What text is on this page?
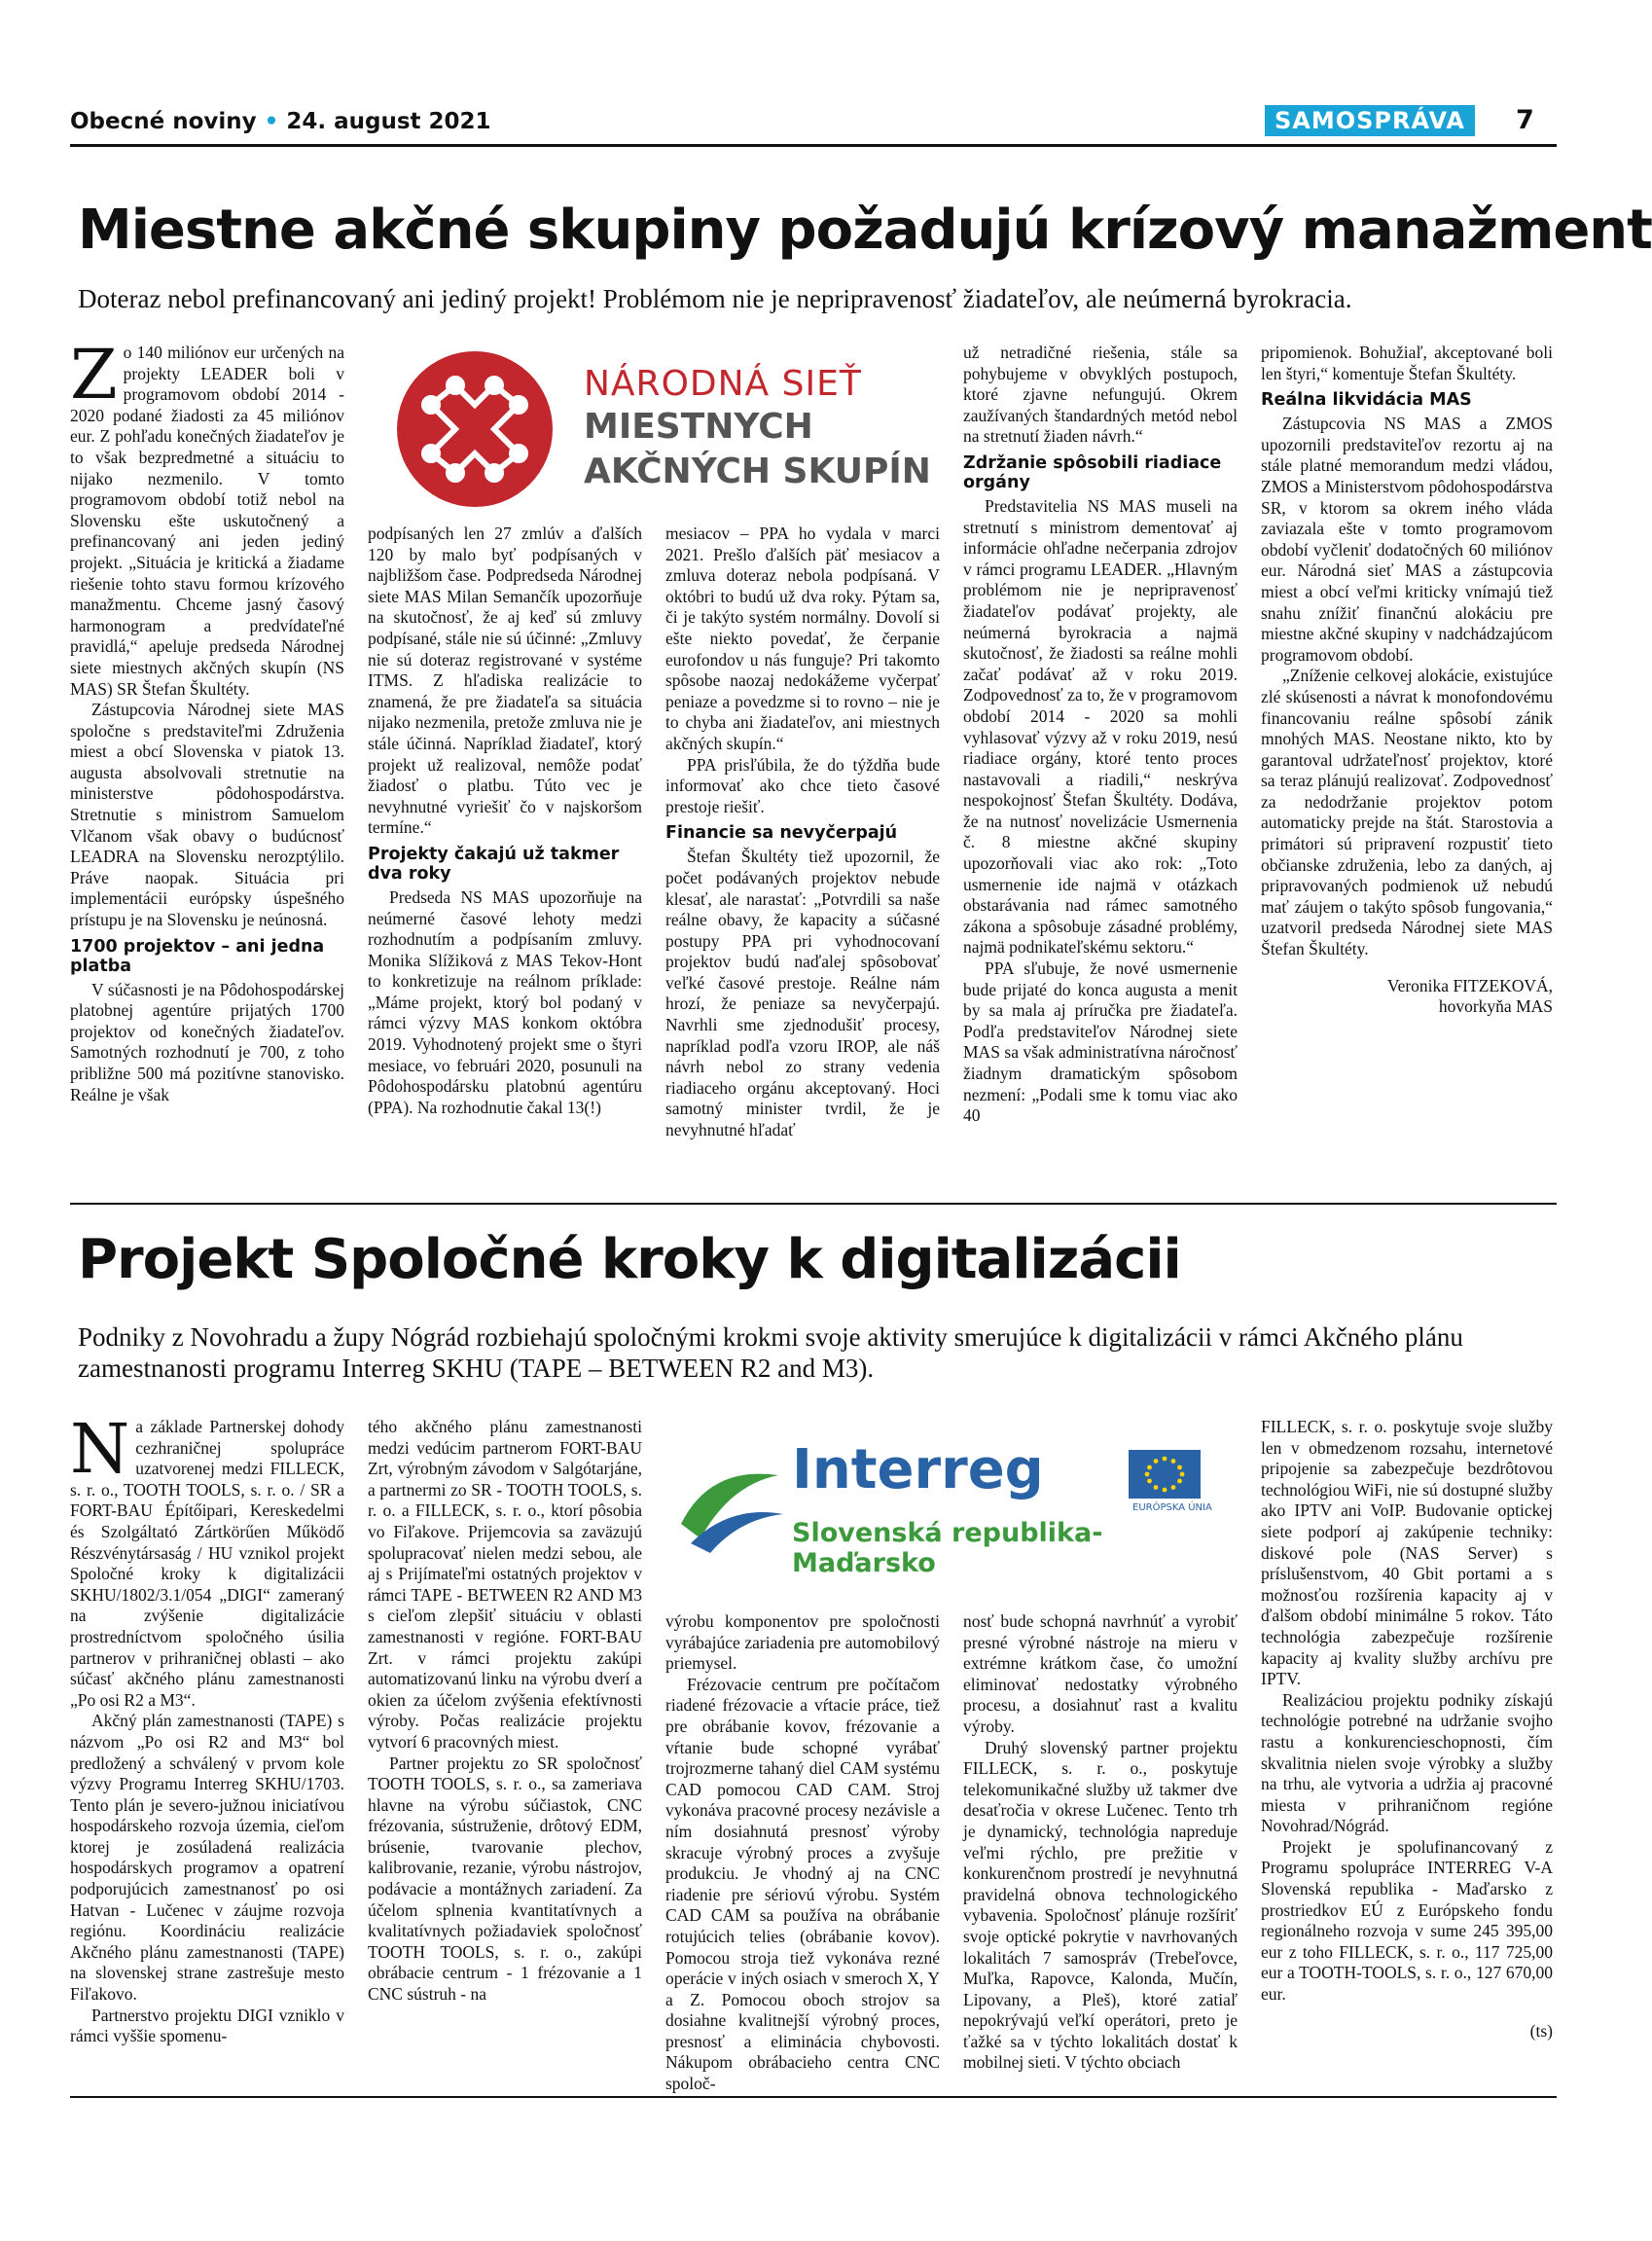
Obecné noviny • 24. august 2021	SAMOSPRÁVA	7
Miestne akčné skupiny požadujú krízový manažment
Doteraz nebol prefinancovaný ani jediný projekt! Problémom nie je nepripravenosť žiadateľov, ale neúmerná byrokracia.
NÁRODNÁ SIEŤ
MIESTNYCH
AKČNÝCH SKUPÍN
Z o 140 miliónov eur určených na projekty LEADER boli v programovom období 2014 - 2020 podané žiadosti za 45 miliónov eur. Z pohľadu konečných žiadateľov je to však bezpredmetné a situáciu to nijako nezmenilo. V tomto programovom období totiž nebol na Slovensku ešte uskutočnený a prefinancovaný ani jeden jediný projekt. „Situácia je kritická a žiadame riešenie tohto stavu formou krízového manažmentu. Chceme jasný časový harmonogram a predvídateľné pravidlá,“ apeluje predseda Národnej siete miestnych akčných skupín (NS MAS) SR Štefan Škultéty.

Zástupcovia Národnej siete MAS spoločne s predstaviteľmi Združenia miest a obcí Slovenska v piatok 13. augusta absolvovali stretnutie na ministerstve pôdohospodárstva. Stretnutie s ministrom Samuelom Vlčanom však obavy o budúcnosť LEADRA na Slovensku nerozptýlilo. Práve naopak. Situácia pri implementácii európsky úspešného prístupu je na Slovensku je neúnosná.

1700 projektov – ani jedna platba

V súčasnosti je na Pôdohospodárskej platobnej agentúre prijatých 1700 projektov od konečných žiadateľov. Samotných rozhodnutí je 700, z toho približne 500 má pozitívne stanovisko. Reálne je však

podpísaných len 27 zmlúv a ďalších 120 by malo byť podpísaných v najbližšom čase. Podpredseda Národnej siete MAS Milan Semančík upozorňuje na skutočnosť, že aj keď sú zmluvy podpísané, stále nie sú účinné: „Zmluvy nie sú doteraz registrované v systéme ITMS. Z hľadiska realizácie to znamená, že pre žiadateľa sa situácia nijako nezmenila, pretože zmluva nie je stále účinná. Napríklad žiadateľ, ktorý projekt už realizoval, nemôže podať žiadosť o platbu. Túto vec je nevyhnutné vyriešiť čo v najskoršom termíne.“

Projekty čakajú už takmer dva roky

Predseda NS MAS upozorňuje na neúmerné časové lehoty medzi rozhodnutím a podpísaním zmluvy. Monika Slížiková z MAS Tekov-Hont to konkretizuje na reálnom príklade: „Máme projekt, ktorý bol podaný v rámci výzvy MAS konkom októbra 2019. Vyhodnotený projekt sme o štyri mesiace, vo februári 2020, posunuli na Pôdohospodársku platobnú agentúru (PPA). Na rozhodnutie čakal 13(!)

mesiacov – PPA ho vydala v marci 2021. Prešlo ďalších päť mesiacov a zmluva doteraz nebola podpísaná. V októbri to budú už dva roky. Pýtam sa, či je takýto systém normálny. Dovolí si ešte niekto povedať, že čerpanie eurofondov u nás funguje? Pri takomto spôsobe naozaj nedokážeme vyčerpať peniaze a povedzme si to rovno – nie je to chyba ani žiadateľov, ani miestnych akčných skupín.“

PPA prisľúbila, že do týždňa bude informovať ako chce tieto časové prestoje riešiť.

Financie sa nevyčerpajú

Štefan Škultéty tiež upozornil, že počet podávaných projektov nebude klesať, ale narastať: „Potvrdili sa naše reálne obavy, že kapacity a súčasné postupy PPA pri vyhodnocovaní projektov budú naďalej spôsobovať veľké časové prestoje. Reálne nám hrozí, že peniaze sa nevyčerpajú. Navrhli sme zjednodušiť procesy, napríklad podľa vzoru IROP, ale náš návrh nebol zo strany vedenia riadiaceho orgánu akceptovaný. Hoci samotný minister tvrdil, že je nevyhnutné hľadať

už netradičné riešenia, stále sa pohybujeme v obvyklých postupoch, ktoré zjavne nefungujú. Okrem zaužívaných štandardných metód nebol na stretnutí žiaden návrh.“

Zdržanie spôsobili riadiace orgány

Predstavitelia NS MAS museli na stretnutí s ministrom dementovať aj informácie ohľadne nečerpania zdrojov v rámci programu LEADER. „Hlavným problémom nie je nepripravenosť žiadateľov podávať projekty, ale neúmerná byrokracia a najmä skutočnosť, že žiadosti sa reálne mohli začať podávať až v roku 2019. Zodpovednosť za to, že v programovom období 2014 - 2020 sa mohli vyhlasovať výzvy až v roku 2019, nesú riadiace orgány, ktoré tento proces nastavovali a riadili,“ neskrýva nespokojnosť Štefan Škultéty. Dodáva, že na nutnosť novelizácie Usmernenia č. 8 miestne akčné skupiny upozorňovali viac ako rok: „Toto usmernenie ide najmä v otázkach obstarávania nad rámec samotného zákona a spôsobuje zásadné problémy, najmä podnikateľskému sektoru.“

PPA sľubuje, že nové usmernenie bude prijaté do konca augusta a menit by sa mala aj príručka pre žiadateľa. Podľa predstaviteľov Národnej siete MAS sa však administratívna náročnosť žiadnym dramatickým spôsobom nezmení: „Podali sme k tomu viac ako 40

pripomienok. Bohužiaľ, akceptované boli len štyri,“ komentuje Štefan Škultéty.

Reálna likvidácia MAS

Zástupcovia NS MAS a ZMOS upozornili predstaviteľov rezortu aj na stále platné memorandum medzi vládou, ZMOS a Ministerstvom pôdohospodárstva SR, v ktorom sa okrem iného vláda zaviazala ešte v tomto programovom období vyčleniť dodatočných 60 miliónov eur. Národná sieť MAS a zástupcovia miest a obcí veľmi kriticky vnímajú tiež snahu znížiť finančnú alokáciu pre miestne akčné skupiny v nadchádzajúcom programovom období.

„Zníženie celkovej alokácie, existujúce zlé skúsenosti a návrat k monofondovému financovaniu reálne spôsobí zánik mnohých MAS. Neostane nikto, kto by garantoval udržateľnosť projektov, ktoré sa teraz plánujú realizovať. Zodpovednosť za nedodržanie projektov potom automaticky prejde na štát. Starostovia a primátori sú pripravení rozpustiť tieto občianske združenia, lebo za daných, aj pripravovaných podmienok už nebudú mať záujem o takýto spôsob fungovania,“ uzatvoril predseda Národnej siete MAS Štefan Škultéty.

Veronika FITZEKOVÁ,
hovorkyňa MAS
Projekt Spoločné kroky k digitalizácii
Podniky z Novohradu a župy Nógrád rozbiehajú spoločnými krokmi svoje aktivity smerujúce k digitalizácii v rámci Akčného plánu zamestnanosti programu Interreg SKHU (TAPE – BETWEEN R2 and M3).
Interreg
EURÓPSKA ÚNIA
Slovenská republika-Maďarsko
N a základe Partnerskej dohody cezhraničnej spolupráce uzatvorenej medzi FILLECK, s. r. o., TOOTH TOOLS, s. r. o. / SR a FORT-BAU Építőipari, Kereskedelmi és Szolgáltató Zártkörűen Működő Részvénytársaság / HU vznikol projekt Spoločné kroky k digitalizácii SKHU/1802/3.1/054 „DIGI“ zameraný na zvýšenie digitalizácie prostredníctvom spoločného úsilia partnerov v prihraničnej oblasti – ako súčasť akčného plánu zamestnanosti „Po osi R2 a M3“.

Akčný plán zamestnanosti (TAPE) s názvom „Po osi R2 and M3“ bol predložený a schválený v prvom kole výzvy Programu Interreg SKHU/1703. Tento plán je severo-južnou iniciatívou hospodárskeho rozvoja územia, cieľom ktorej je zosúladená realizácia hospodárskych programov a opatrení podporujúcich zamestnanosť po osi Hatvan - Lučenec v záujme rozvoja regiónu. Koordináciu realizácie Akčného plánu zamestnanosti (TAPE) na slovenskej strane zastrešuje mesto Fiľakovo.

Partnerstvo projektu DIGI vzniklo v rámci vyššie spomenu-

tého akčného plánu zamestnanosti medzi vedúcim partnerom FORT-BAU Zrt, výrobným závodom v Salgótarjáne, a partnermi zo SR - TOOTH TOOLS, s. r. o. a FILLECK, s. r. o., ktorí pôsobia vo Fiľakove. Prijemcovia sa zaväzujú spolupracovať nielen medzi sebou, ale aj s Prijímateľmi ostatných projektov v rámci TAPE - BETWEEN R2 AND M3 s cieľom zlepšiť situáciu v oblasti zamestnanosti v regióne. FORT-BAU Zrt. v rámci projektu zakúpi automatizovanú linku na výrobu dverí a okien za účelom zvýšenia efektívnosti výroby. Počas realizácie projektu vytvorí 6 pracovných miest.

Partner projektu zo SR spoločnosť TOOTH TOOLS, s. r. o., sa zameriava hlavne na výrobu súčiastok, CNC frézovania, sústruženie, drôtový EDM, brúsenie, tvarovanie plechov, kalibrovanie, rezanie, výrobu nástrojov, podávacie a montážnych zariadení. Za účelom splnenia kvantitatívnych a kvalitatívnych požiadaviek spoločnosť TOOTH TOOLS, s. r. o., zakúpi obrábacie centrum - 1 frézovanie a 1 CNC sústruh - na

výrobu komponentov pre spoločnosti vyrábajúce zariadenia pre automobilový priemysel.

Frézovacie centrum pre počítačom riadené frézovacie a vŕtacie práce, tiež pre obrábanie kovov, frézovanie a vŕtanie bude schopné vyrábať trojrozmerne tahaný diel CAM systému CAD pomocou CAD CAM. Stroj vykonáva pracovné procesy nezávisle a ním dosiahnutá presnosť výroby skracuje výrobný proces a zvyšuje produkciu. Je vhodný aj na CNC riadenie pre sériovú výrobu. Systém CAD CAM sa používa na obrábanie rotujúcich telies (obrábanie kovov). Pomocou stroja tiež vykonáva rezné operácie v iných osiach v smeroch X, Y a Z. Pomocou oboch strojov sa dosiahne kvalitnejší výrobný proces, presnosť a eliminácia chybovosti. Nákupom obrábacieho centra CNC spoloč-

nosť bude schopná navrhnúť a vyrobiť presné výrobné nástroje na mieru v extrémne krátkom čase, čo umožní eliminovať nedostatky výrobného procesu, a dosiahnuť rast a kvalitu výroby.

Druhý slovenský partner projektu FILLECK, s. r. o., poskytuje telekomunikačné služby už takmer dve desaťročia v okrese Lučenec. Tento trh je dynamický, technológia napreduje veľmi rýchlo, pre prežitie v konkurenčnom prostredí je nevyhnutná pravidelná obnova technologického vybavenia. Spoločnosť plánuje rozšíriť svoje optické pokrytie v navrhovaných lokalitách 7 samospráv (Trebeľovce, Muľka, Rapovce, Kalonda, Mučín, Lipovany, a Pleš), ktoré zatiaľ nepokrývajú veľkí operátori, preto je ťažké sa v týchto lokalitách dostať k mobilnej sieti. V týchto obciach

FILLECK, s. r. o. poskytuje svoje služby len v obmedzenom rozsahu, internetové pripojenie sa zabezpečuje bezdrôtovou technológiou WiFi, nie sú dostupné služby ako IPTV ani VoIP. Budovanie optickej siete podporí aj zakúpenie techniky: diskové pole (NAS Server) s príslušenstvom, 40 Gbit portami a s možnosťou rozšírenia kapacity aj v ďalšom období minimálne 5 rokov. Táto technológia zabezpečuje rozšírenie kapacity aj kvality služby archívu pre IPTV.

Realizáciou projektu podniky získajú technológie potrebné na udržanie svojho rastu a konkurencieschopnosti, čím skvalitnia nielen svoje výrobky a služby na trhu, ale vytvoria a udržia aj pracovné miesta v prihraničnom regióne Novohrad/Nógrád.

Projekt je spolufinancovaný z Programu spolupráce INTERREG V-A Slovenská republika - Maďarsko z prostriedkov EÚ z Európskeho fondu regionálneho rozvoja v sume 245 395,00 eur z toho FILLECK, s. r. o., 117 725,00 eur a TOOTH-TOOLS, s. r. o., 127 670,00 eur.

(ts)
